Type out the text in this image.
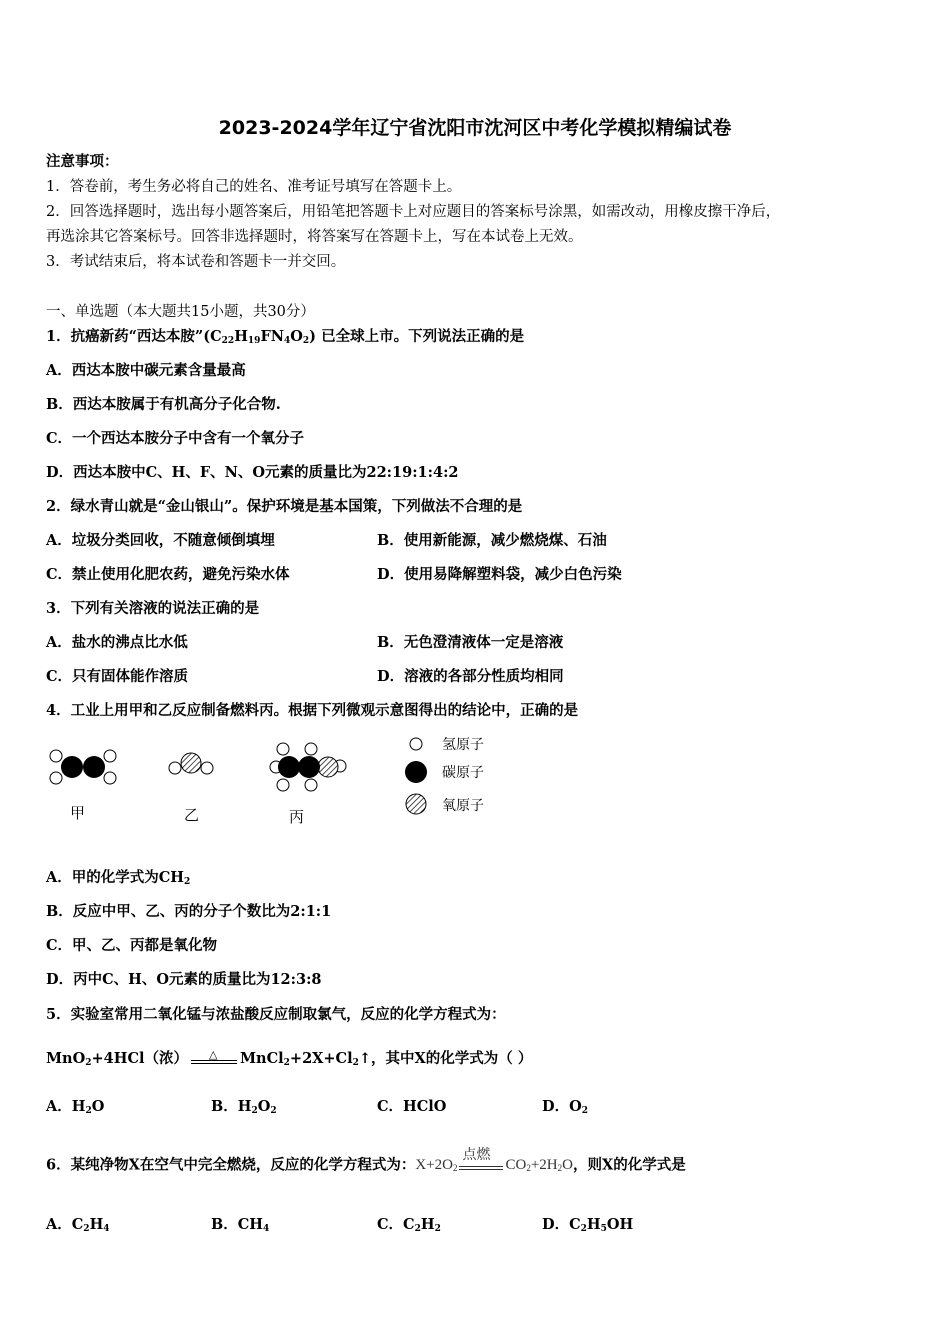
2023-2024学年辽宁省沈阳市沈河区中考化学模拟精编试卷
注意事项：
1．答卷前，考生务必将自己的姓名、准考证号填写在答题卡上。
2．回答选择题时，选出每小题答案后，用铅笔把答题卡上对应题目的答案标号涂黑，如需改动，用橡皮擦干净后，
再选涂其它答案标号。回答非选择题时，将答案写在答题卡上，写在本试卷上无效。
3．考试结束后，将本试卷和答题卡一并交回。
一、单选题（本大题共15小题，共30分）
1．抗癌新药“西达本胺$”(C_{22}H_{19}FN_4O_2)$ 已全球上市。下列说法正确的是
A．西达本胺中碳元素含量最高
B．西达本胺属于有机高分子化合物.
C．一个西达本胺分子中含有一个氧分子
D．西达本胺中C、H、F、N、O元素的质量比为22:19:1:4:2
2．绿水青山就是“金山银山”。保护环境是基本国策，下列做法不合理的是
A．垃圾分类回收，不随意倾倒填埋	B．使用新能源，减少燃烧煤、石油
C．禁止使用化肥农药，避免污染水体	D．使用易降解塑料袋，减少白色污染
3．下列有关溶液的说法正确的是
A．盐水的沸点比水低	B．无色澄清液体一定是溶液
C．只有固体能作溶质	D．溶液的各部分性质均相同
4．工业上用甲和乙反应制备燃料丙。根据下列微观示意图得出的结论中，正确的是
氢原子
碳原子
氧原子
甲	乙	丙
A．甲的化学式为$CH_2$
B．反应中甲、乙、丙的分子个数比为2:1:1
C．甲、乙、丙都是氧化物
D．丙中C、H、O元素的质量比为12:3:8
5．实验室常用二氧化锰与浓盐酸反应制取氯气，反应的化学方程式为：
MnO$_2$+4HCl（浓） △ $MnCl_2+2X+Cl_2↑$，其中X的化学式为（ ）
A．$H_2O$	B．$H_2O_2$	C．HClO	D．$O_2$
6．某纯净物X在空气中完全燃烧，反应的化学方程式为：$X+2O_2$
点燃
$CO_2+2H_2O$，则X的化学式是
A．$C_2H_4$	B．$CH_4$	C．$C_2H_2$	D．$C_2H_5OH$
